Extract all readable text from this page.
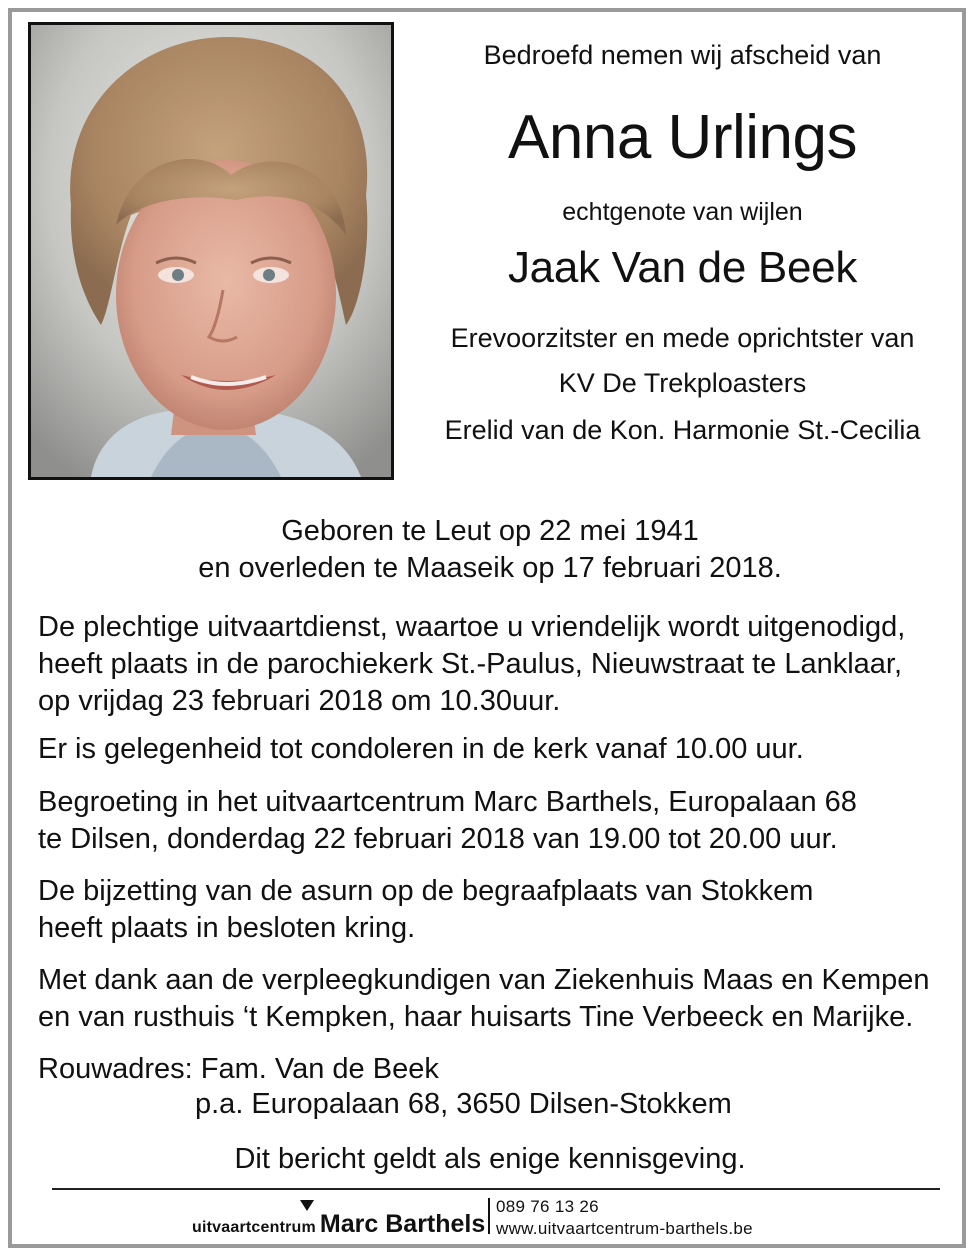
Bedroefd nemen wij afscheid van
Anna Urlings
echtgenote van wijlen
Jaak Van de Beek
Erevoorzitster en mede oprichtster van
KV De Trekploasters
Erelid van de Kon. Harmonie St.-Cecilia
Geboren te Leut op 22 mei 1941
en overleden te Maaseik op 17 februari 2018.
De plechtige uitvaartdienst, waartoe u vriendelijk wordt uitgenodigd,
heeft plaats in de parochiekerk St.-Paulus, Nieuwstraat te Lanklaar,
op vrijdag 23 februari 2018 om 10.30uur.
Er is gelegenheid tot condoleren in de kerk vanaf 10.00 uur.
Begroeting in het uitvaartcentrum Marc Barthels, Europalaan 68
te Dilsen, donderdag 22 februari 2018 van 19.00 tot 20.00 uur.
De bijzetting van de asurn op de begraafplaats van Stokkem
heeft plaats in besloten kring.
Met dank aan de verpleegkundigen van Ziekenhuis Maas en Kempen
en van rusthuis ‘t Kempken, haar huisarts Tine Verbeeck en Marijke.
Rouwadres: Fam. Van de Beek
p.a. Europalaan 68, 3650 Dilsen-Stokkem
Dit bericht geldt als enige kennisgeving.
uitvaartcentrum Marc Barthels
089 76 13 26
www.uitvaartcentrum-barthels.be
